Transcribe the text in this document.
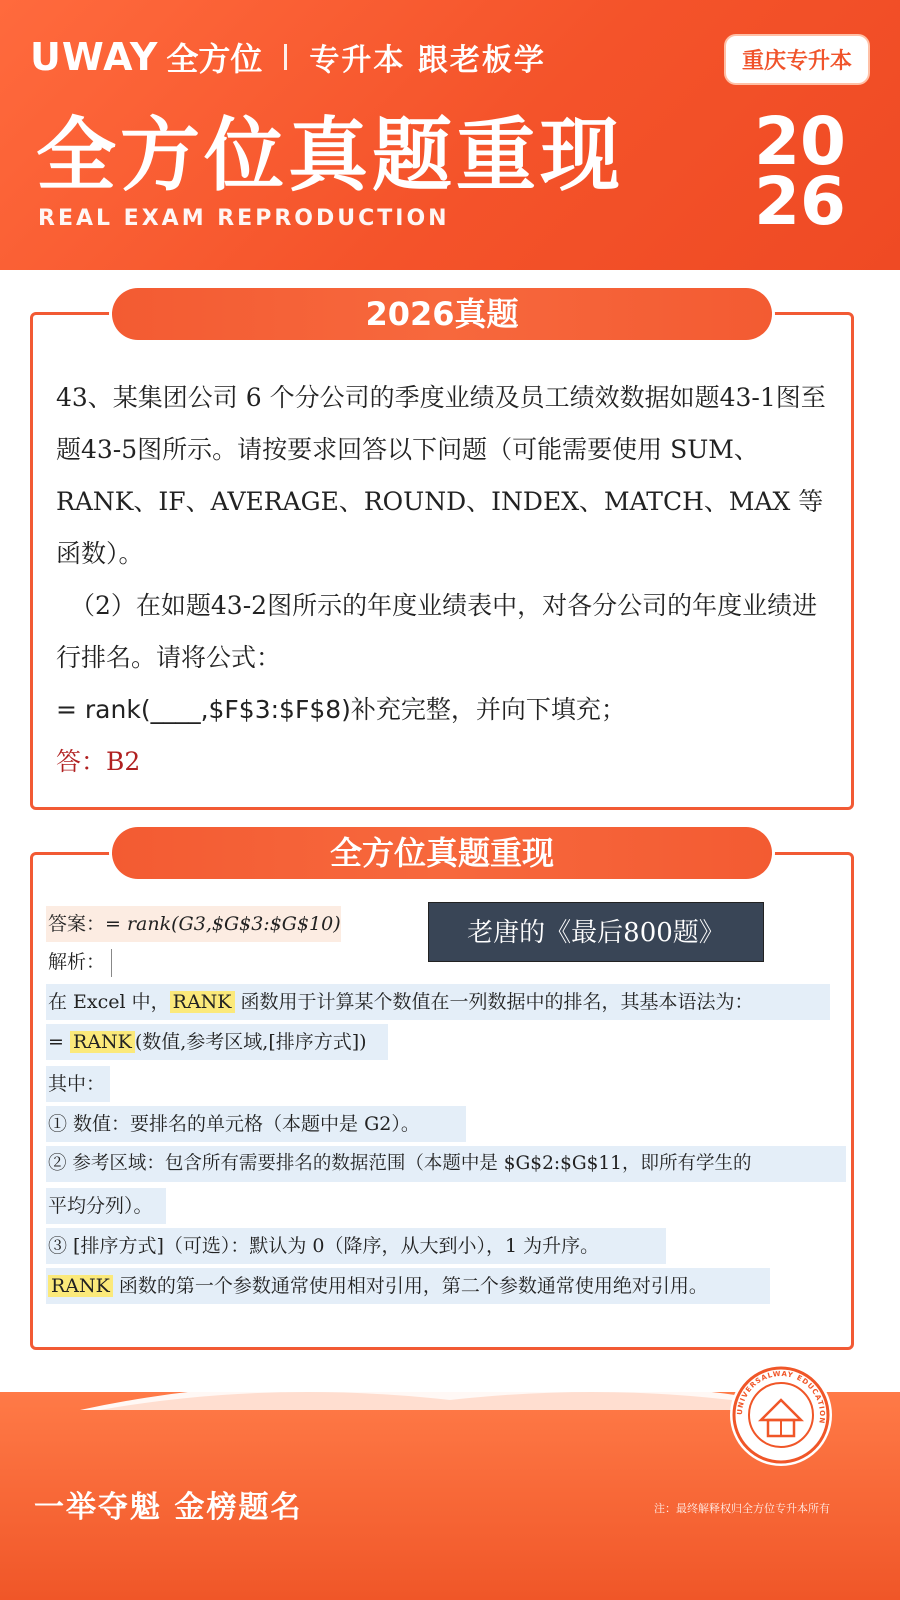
UWAY 全方位 专升本 跟老板学	重庆专升本
全方位真题重现
REAL EXAM REPRODUCTION
20
26
2026真题

43、某集团公司 6 个分公司的季度业绩及员工绩效数据如题43-1图至题43-5图所示。请按要求回答以下问题（可能需要使用 SUM、RANK、IF、AVERAGE、ROUND、INDEX、MATCH、MAX 等函数）。

（2）在如题43-2图所示的年度业绩表中，对各分公司的年度业绩进行排名。请将公式：

= rank(____,$F$3:$F$8)补充完整，并向下填充；

答：B2

全方位真题重现
老唐的《最后800题》
答案：= rank(G3,$G$3:$G$10)
解析：
在 Excel 中， RANK 函数用于计算某个数值在一列数据中的排名，其基本语法为：
= RANK (数值,参考区域,[排序方式])
其中：
① 数值：要排名的单元格（本题中是 G2）。
② 参考区域：包含所有需要排名的数据范围（本题中是 $G$2:$G$11，即所有学生的
平均分列）。
③ [排序方式]（可选）：默认为 0（降序，从大到小），1 为升序。
RANK 函数的第一个参数通常使用相对引用，第二个参数通常使用绝对引用。
一举夺魁 金榜题名	注：最终解释权归全方位专升本所有
UNIVERSALWAY EDUCATION
